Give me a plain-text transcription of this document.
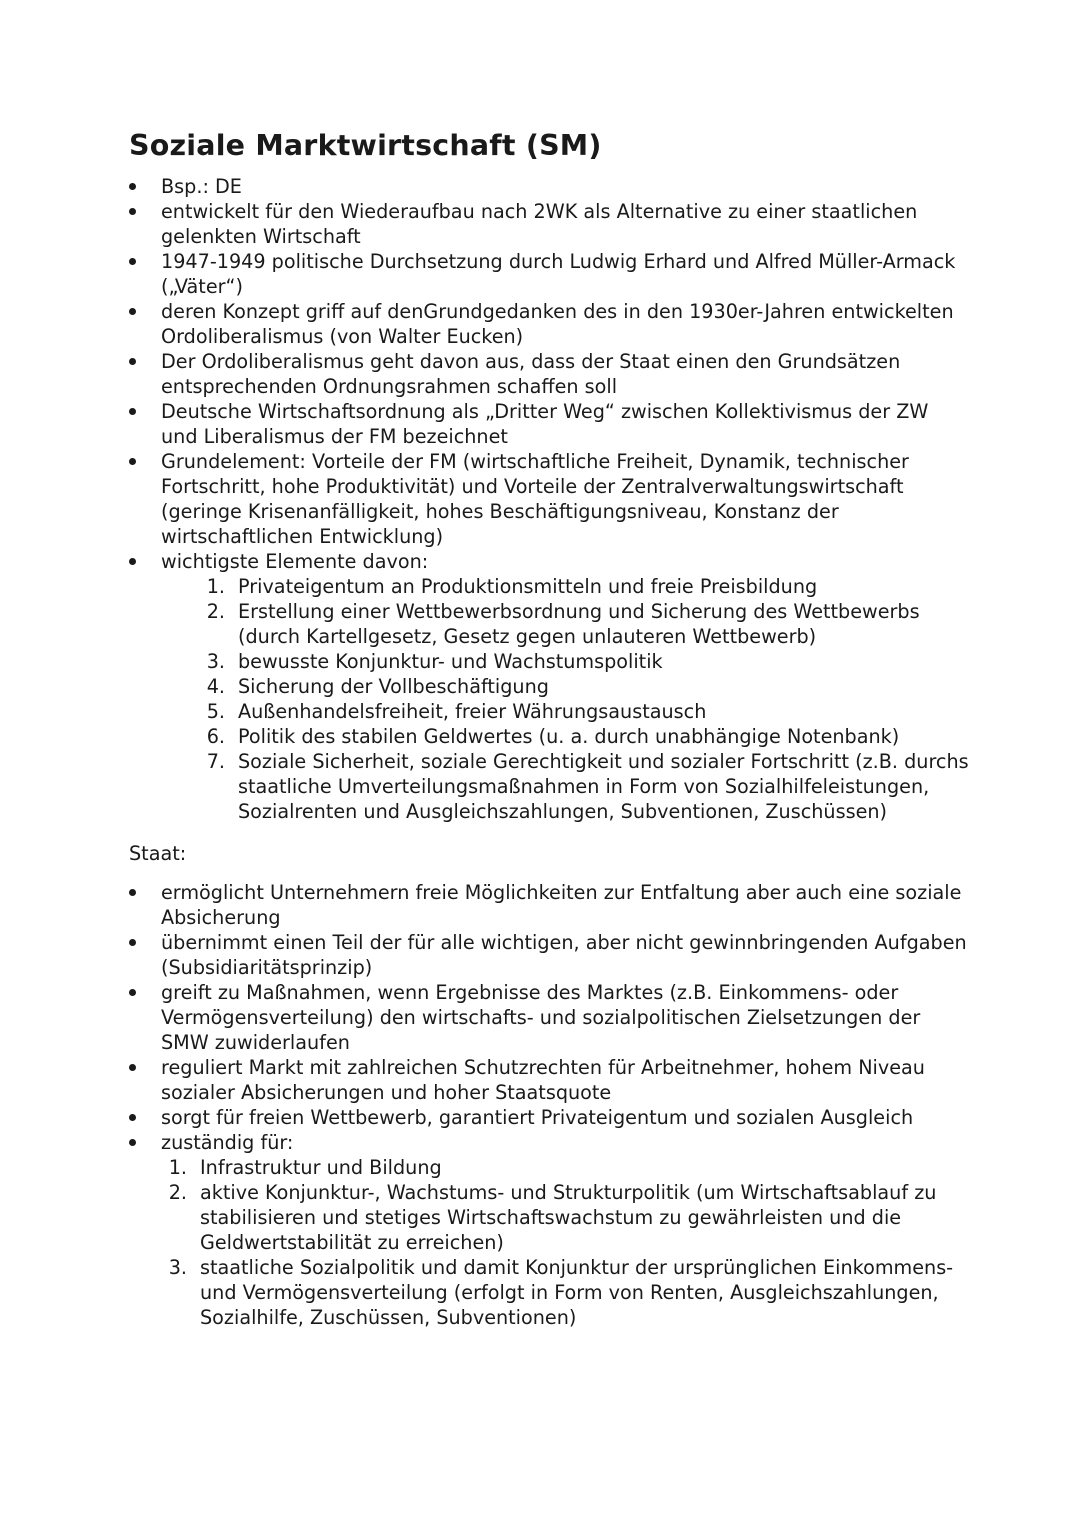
Soziale Marktwirtschaft (SM)
Bsp.: DE
entwickelt für den Wiederaufbau nach 2WK als Alternative zu einer staatlichen gelenkten Wirtschaft
1947-1949 politische Durchsetzung durch Ludwig Erhard und Alfred Müller-Armack („Väter“)
deren Konzept griff auf denGrundgedanken des in den 1930er-Jahren entwickelten Ordoliberalismus (von Walter Eucken)
Der Ordoliberalismus geht davon aus, dass der Staat einen den Grundsätzen entsprechenden Ordnungsrahmen schaffen soll
Deutsche Wirtschaftsordnung als „Dritter Weg“ zwischen Kollektivismus der ZW und Liberalismus der FM bezeichnet
Grundelement: Vorteile der FM (wirtschaftliche Freiheit, Dynamik, technischer Fortschritt, hohe Produktivität) und Vorteile der Zentralverwaltungswirtschaft (geringe Krisenanfälligkeit, hohes Beschäftigungsniveau, Konstanz der wirtschaftlichen Entwicklung)
wichtigste Elemente davon:
1. Privateigentum an Produktionsmitteln und freie Preisbildung
2. Erstellung einer Wettbewerbsordnung und Sicherung des Wettbewerbs (durch Kartellgesetz, Gesetz gegen unlauteren Wettbewerb)
3. bewusste Konjunktur- und Wachstumspolitik
4. Sicherung der Vollbeschäftigung
5. Außenhandelsfreiheit, freier Währungsaustausch
6. Politik des stabilen Geldwertes (u. a. durch unabhängige Notenbank)
7. Soziale Sicherheit, soziale Gerechtigkeit und sozialer Fortschritt (z.B. durchs staatliche Umverteilungsmaßnahmen in Form von Sozialhilfeleistungen, Sozialrenten und Ausgleichszahlungen, Subventionen, Zuschüssen)
Staat:
ermöglicht Unternehmern freie Möglichkeiten zur Entfaltung aber auch eine soziale Absicherung
übernimmt einen Teil der für alle wichtigen, aber nicht gewinnbringenden Aufgaben (Subsidiaritätsprinzip)
greift zu Maßnahmen, wenn Ergebnisse des Marktes (z.B. Einkommens- oder Vermögensverteilung) den wirtschafts- und sozialpolitischen Zielsetzungen der SMW zuwiderlaufen
reguliert Markt mit zahlreichen Schutzrechten für Arbeitnehmer, hohem Niveau sozialer Absicherungen und hoher Staatsquote
sorgt für freien Wettbewerb, garantiert Privateigentum und sozialen Ausgleich
zuständig für:
1. Infrastruktur und Bildung
2. aktive Konjunktur-, Wachstums- und Strukturpolitik (um Wirtschaftsablauf zu stabilisieren und stetiges Wirtschaftswachstum zu gewährleisten und die Geldwertstabilität zu erreichen)
3. staatliche Sozialpolitik und damit Konjunktur der ursprünglichen Einkommens- und Vermögensverteilung (erfolgt in Form von Renten, Ausgleichszahlungen, Sozialhilfe, Zuschüssen, Subventionen)
